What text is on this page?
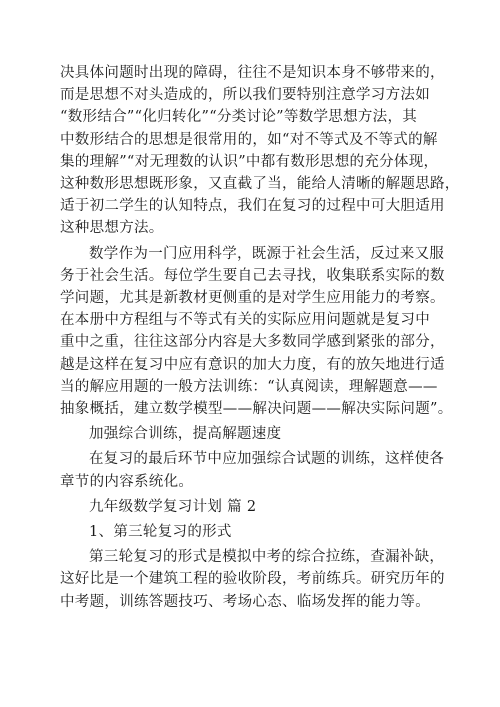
决具体问题时出现的障碍，往往不是知识本身不够带来的，
而是思想不对头造成的，所以我们要特别注意学习方法如
“数形结合”“化归转化”“分类讨论”等数学思想方法，其
中数形结合的思想是很常用的，如“对不等式及不等式的解
集的理解”“对无理数的认识”中都有数形思想的充分体现，
这种数形思想既形象，又直截了当，能给人清晰的解题思路，
适于初二学生的认知特点，我们在复习的过程中可大胆适用
这种思想方法。

数学作为一门应用科学，既源于社会生活，反过来又服
务于社会生活。每位学生要自己去寻找，收集联系实际的数
学问题，尤其是新教材更侧重的是对学生应用能力的考察。
在本册中方程组与不等式有关的实际应用问题就是复习中
重中之重，往往这部分内容是大多数同学感到紧张的部分，
越是这样在复习中应有意识的加大力度，有的放矢地进行适
当的解应用题的一般方法训练：“认真阅读，理解题意——
抽象概括，建立数学模型——解决问题——解决实际问题”。

加强综合训练，提高解题速度

在复习的最后环节中应加强综合试题的训练，这样使各
章节的内容系统化。

九年级数学复习计划 篇 2

1、第三轮复习的形式

第三轮复习的形式是模拟中考的综合拉练，查漏补缺，
这好比是一个建筑工程的验收阶段，考前练兵。研究历年的
中考题，训练答题技巧、考场心态、临场发挥的能力等。
